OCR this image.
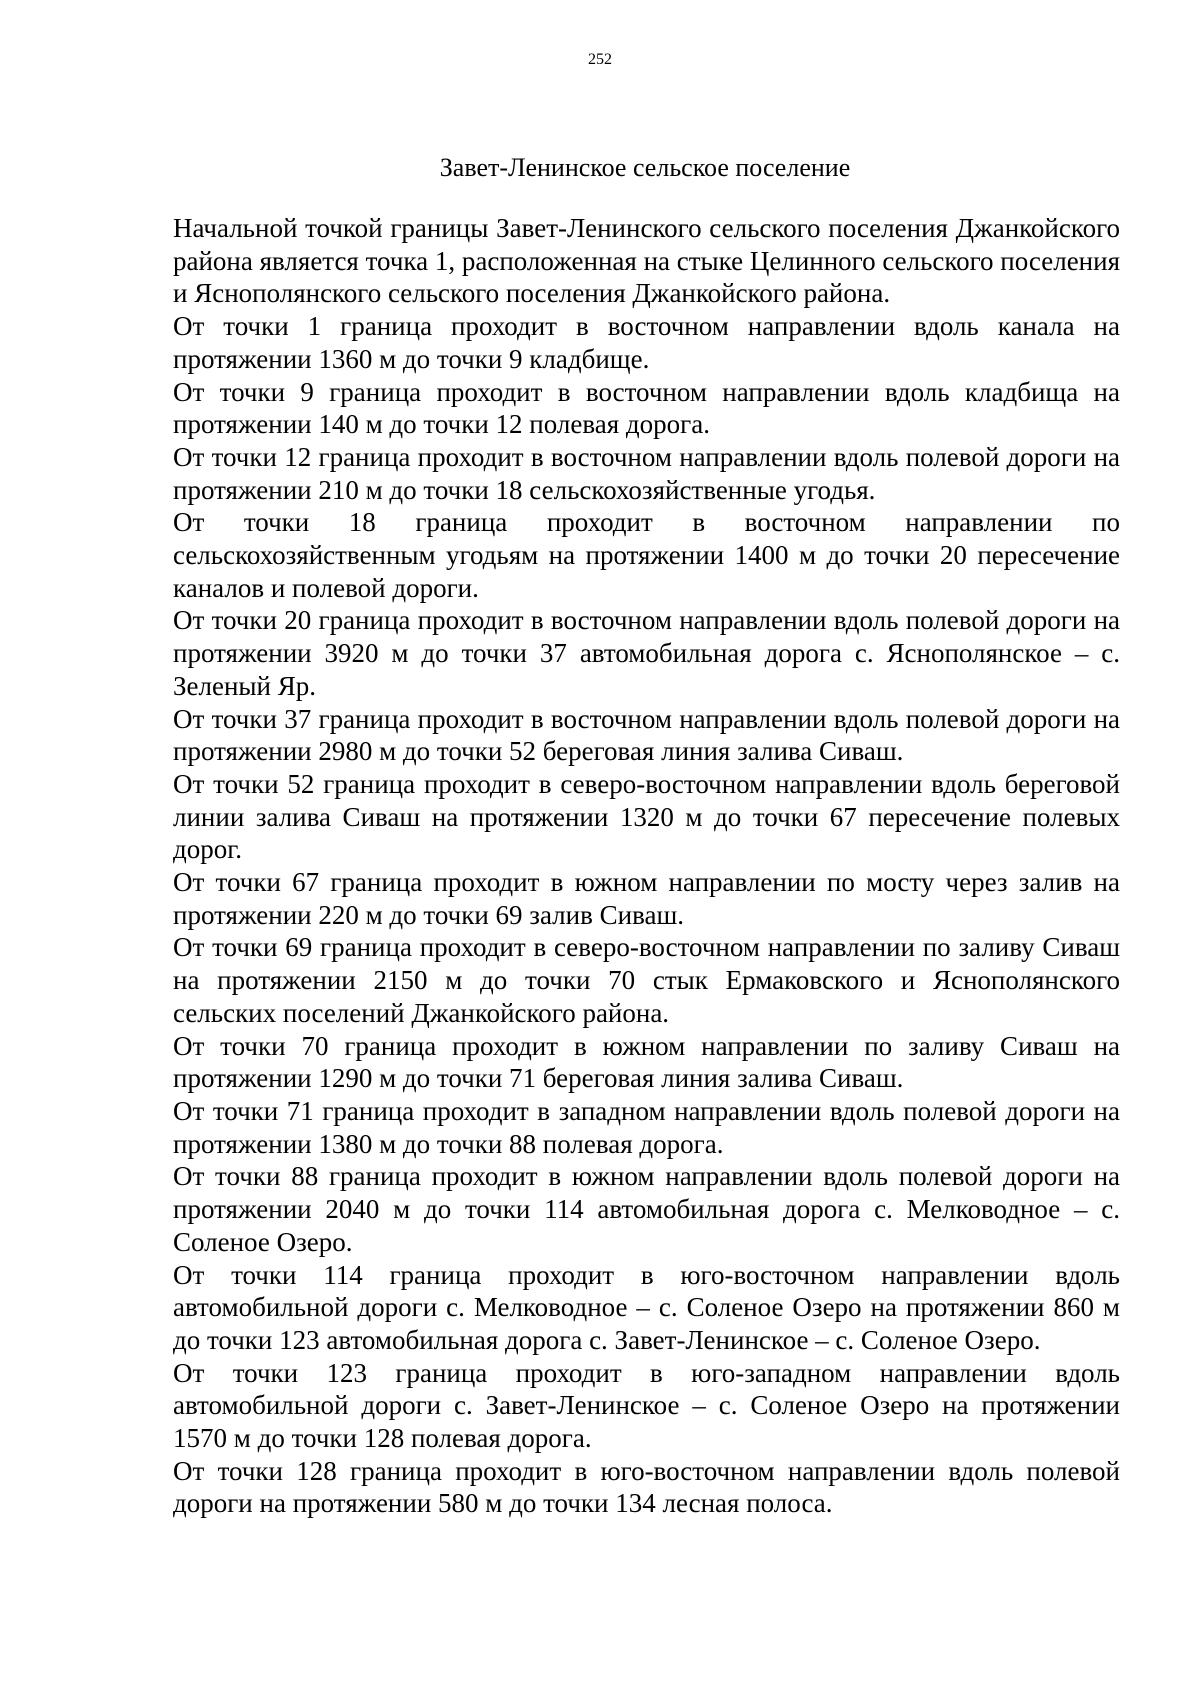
252
Завет-Ленинское сельское поселение

Начальной точкой границы Завет-Ленинского сельского поселения Джанкойского района является точка 1, расположенная на стыке Целинного сельского поселения и Яснополянского сельского поселения Джанкойского района.

От точки 1 граница проходит в восточном направлении вдоль канала на протяжении 1360 м до точки 9 кладбище.

От точки 9 граница проходит в восточном направлении вдоль кладбища на протяжении 140 м до точки 12 полевая дорога.

От точки 12 граница проходит в восточном направлении вдоль полевой дороги на протяжении 210 м до точки 18 сельскохозяйственные угодья.

От точки 18 граница проходит в восточном направлении по сельскохозяйственным угодьям на протяжении 1400 м до точки 20 пересечение каналов и полевой дороги.

От точки 20 граница проходит в восточном направлении вдоль полевой дороги на протяжении 3920 м до точки 37 автомобильная дорога с. Яснополянское – с. Зеленый Яр.

От точки 37 граница проходит в восточном направлении вдоль полевой дороги на протяжении 2980 м до точки 52 береговая линия залива Сиваш.

От точки 52 граница проходит в северо-восточном направлении вдоль береговой линии залива Сиваш на протяжении 1320 м до точки 67 пересечение полевых дорог.

От точки 67 граница проходит в южном направлении по мосту через залив на протяжении 220 м до точки 69 залив Сиваш.

От точки 69 граница проходит в северо-восточном направлении по заливу Сиваш на протяжении 2150 м до точки 70 стык Ермаковского и Яснополянского сельских поселений Джанкойского района.

От точки 70 граница проходит в южном направлении по заливу Сиваш на протяжении 1290 м до точки 71 береговая линия залива Сиваш.

От точки 71 граница проходит в западном направлении вдоль полевой дороги на протяжении 1380 м до точки 88 полевая дорога.

От точки 88 граница проходит в южном направлении вдоль полевой дороги на протяжении 2040 м до точки 114 автомобильная дорога с. Мелководное – с. Соленое Озеро.

От точки 114 граница проходит в юго-восточном направлении вдоль автомобильной дороги с. Мелководное – с. Соленое Озеро на протяжении 860 м до точки 123 автомобильная дорога с. Завет-Ленинское – с. Соленое Озеро.

От точки 123 граница проходит в юго-западном направлении вдоль автомобильной дороги с. Завет-Ленинское – с. Соленое Озеро на протяжении 1570 м до точки 128 полевая дорога.

От точки 128 граница проходит в юго-восточном направлении вдоль полевой дороги на протяжении 580 м до точки 134 лесная полоса.
